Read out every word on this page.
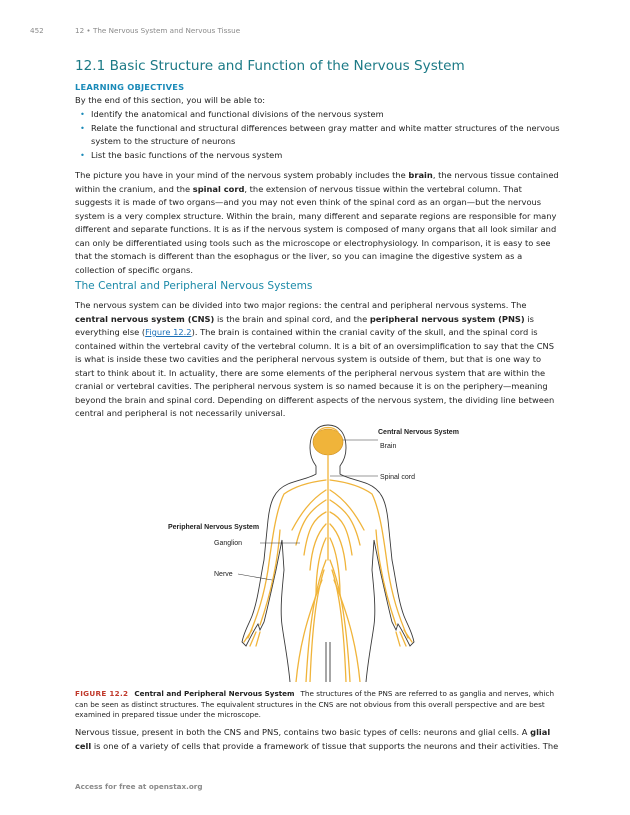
452	12 • The Nervous System and Nervous Tissue
12.1 Basic Structure and Function of the Nervous System
LEARNING OBJECTIVES

By the end of this section, you will be able to:

• Identify the anatomical and functional divisions of the nervous system
• Relate the functional and structural differences between gray matter and white matter structures of the nervous system to the structure of neurons
• List the basic functions of the nervous system

The picture you have in your mind of the nervous system probably includes the brain, the nervous tissue contained within the cranium, and the spinal cord, the extension of nervous tissue within the vertebral column. That suggests it is made of two organs—and you may not even think of the spinal cord as an organ—but the nervous system is a very complex structure. Within the brain, many different and separate regions are responsible for many different and separate functions. It is as if the nervous system is composed of many organs that all look similar and can only be differentiated using tools such as the microscope or electrophysiology. In comparison, it is easy to see that the stomach is different than the esophagus or the liver, so you can imagine the digestive system as a collection of specific organs.

The Central and Peripheral Nervous Systems

The nervous system can be divided into two major regions: the central and peripheral nervous systems. The central nervous system (CNS) is the brain and spinal cord, and the peripheral nervous system (PNS) is everything else (Figure 12.2). The brain is contained within the cranial cavity of the skull, and the spinal cord is contained within the vertebral cavity of the vertebral column. It is a bit of an oversimplification to say that the CNS is what is inside these two cavities and the peripheral nervous system is outside of them, but that is one way to start to think about it. In actuality, there are some elements of the peripheral nervous system that are within the cranial or vertebral cavities. The peripheral nervous system is so named because it is on the periphery—meaning beyond the brain and spinal cord. Depending on different aspects of the nervous system, the dividing line between central and peripheral is not necessarily universal.

Central Nervous System
Brain
Spinal cord
Peripheral Nervous System
Ganglion
Nerve
FIGURE 12.2 Central and Peripheral Nervous System The structures of the PNS are referred to as ganglia and nerves, which can be seen as distinct structures. The equivalent structures in the CNS are not obvious from this overall perspective and are best examined in prepared tissue under the microscope.

Nervous tissue, present in both the CNS and PNS, contains two basic types of cells: neurons and glial cells. A glial cell is one of a variety of cells that provide a framework of tissue that supports the neurons and their activities. The

Access for free at openstax.org
